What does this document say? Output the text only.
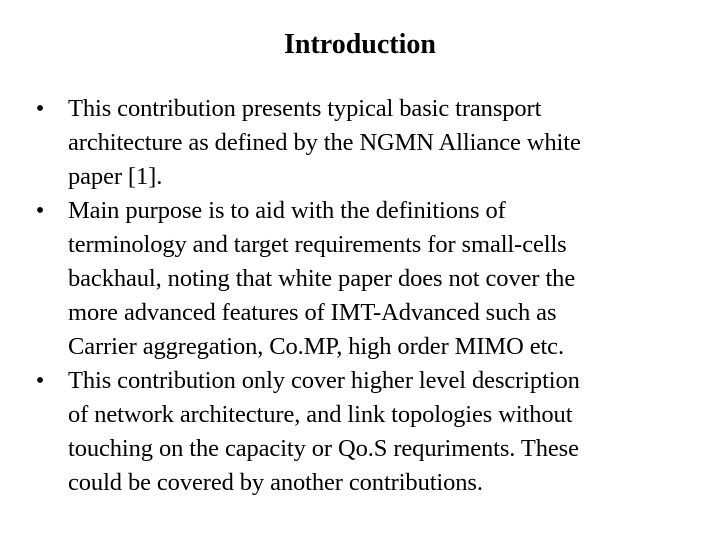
Introduction
• This contribution presents typical basic transport
architecture as defined by the NGMN Alliance white
paper [1].
• Main purpose is to aid with the definitions of
terminology and target requirements for small-cells
backhaul, noting that white paper does not cover the
more advanced features of IMT-Advanced such as
Carrier aggregation, Co.MP, high order MIMO etc.
• This contribution only cover higher level description
of network architecture, and link topologies without
touching on the capacity or Qo.S requriments. These
could be covered by another contributions.
